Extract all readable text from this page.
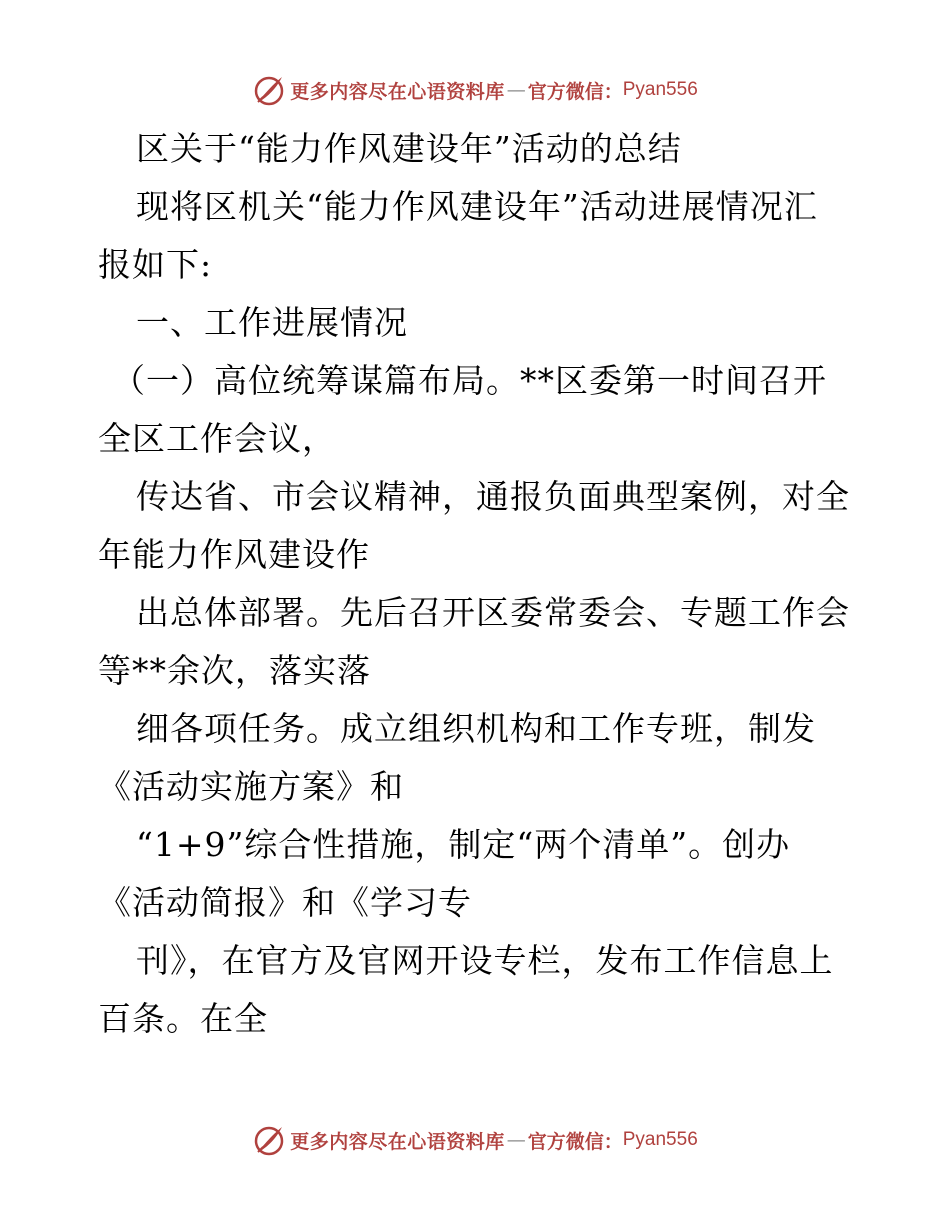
更多内容尽在心语资料库 — 官方微信： Pyan556
区关于“能力作风建设年”活动的总结
现将区机关“能力作风建设年”活动进展情况汇
报如下:
一、工作进展情况
（一）高位统筹谋篇布局。**区委第一时间召开
全区工作会议，
传达省、市会议精神，通报负面典型案例，对全
年能力作风建设作
出总体部署。先后召开区委常委会、专题工作会
等**余次，落实落
细各项任务。成立组织机构和工作专班，制发
《活动实施方案》和
“1+9”综合性措施，制定“两个清单”。创办
《活动简报》和《学习专
刊》，在官方及官网开设专栏，发布工作信息上
百条。在全
更多内容尽在心语资料库 — 官方微信： Pyan556
